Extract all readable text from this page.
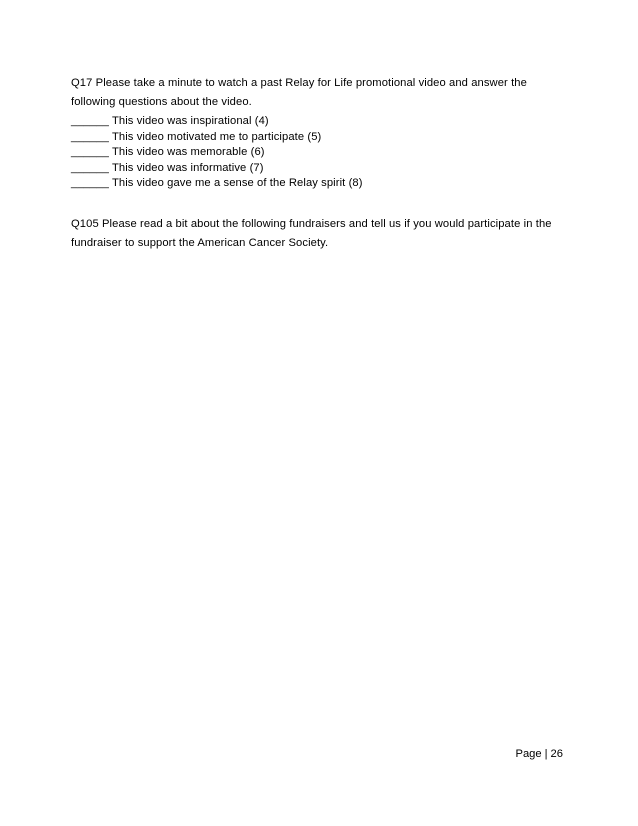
Q17 Please take a minute to watch a past Relay for Life promotional video and answer the following questions about the video.

______ This video was inspirational (4)
______ This video motivated me to participate (5)
______ This video was memorable (6)
______ This video was informative (7)
______ This video gave me a sense of the Relay spirit (8)

Q105 Please read a bit about the following fundraisers and tell us if you would participate in the fundraiser to support the American Cancer Society.

Page | 26
